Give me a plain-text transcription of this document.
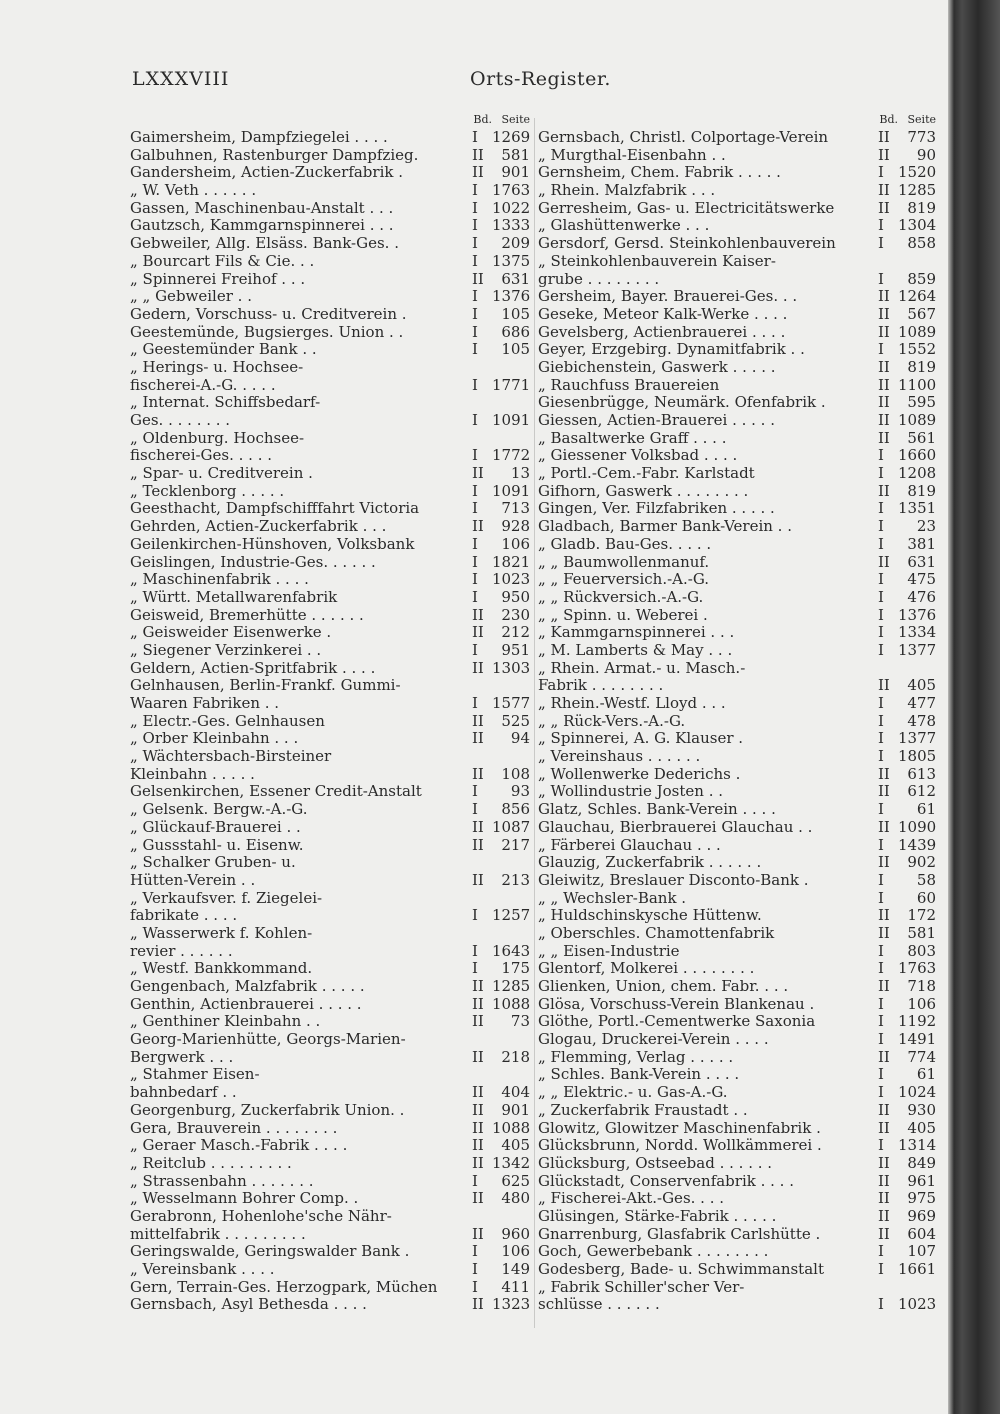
LXXXVIII	Orts-Register.
Bd. Seite
Gaimersheim, Dampfziegelei . . . .	I 1269
Galbuhnen, Rastenburger Dampfzieg.	II	581
Gandersheim, Actien-Zuckerfabrik .	II	901
„ W. Veth . . . . . .	I 1763
Gassen, Maschinenbau-Anstalt . . .	I 1022
Gautzsch, Kammgarnspinnerei . . .	I 1333
Gebweiler, Allg. Elsäss. Bank-Ges. .	I	209
„ Bourcart Fils & Cie. . .	I 1375
„ Spinnerei Freihof . . .	II	631
„ „ Gebweiler . .	I 1376
Gedern, Vorschuss- u. Creditverein .	I	105
Geestemünde, Bugsierges. Union . .	I	686
„ Geestemünder Bank . .	I	105
„ Herings- u. Hochsee-
fischerei-A.-G. . . . .	I 1771
„ Internat. Schiffsbedarf-
Ges. . . . . . . .	I 1091
„ Oldenburg. Hochsee-
fischerei-Ges. . . . .	I 1772
„ Spar- u. Creditverein .	II	13
„ Tecklenborg . . . . .	I 1091
Geesthacht, Dampfschifffahrt Victoria	I	713
Gehrden, Actien-Zuckerfabrik . . .	II	928
Geilenkirchen-Hünshoven, Volksbank	I	106
Geislingen, Industrie-Ges. . . . . .	I 1821
„ Maschinenfabrik . . . .	I 1023
„ Württ. Metallwarenfabrik	I	950
Geisweid, Bremerhütte . . . . . .	II	230
„ Geisweider Eisenwerke .	II	212
„ Siegener Verzinkerei . .	I	951
Geldern, Actien-Spritfabrik . . . .	II 1303
Gelnhausen, Berlin-Frankf. Gummi-
Waaren Fabriken . .	I 1577
„ Electr.-Ges. Gelnhausen	II	525
„ Orber Kleinbahn . . .	II	94
„ Wächtersbach-Birsteiner
Kleinbahn . . . . .	II	108
Gelsenkirchen, Essener Credit-Anstalt	I	93
„ Gelsenk. Bergw.-A.-G.	I	856
„ Glückauf-Brauerei . .	II 1087
„ Gussstahl- u. Eisenw.	II	217
„ Schalker Gruben- u.
Hütten-Verein . .	II	213
„ Verkaufsver. f. Ziegelei-
fabrikate . . . .	I 1257
„ Wasserwerk f. Kohlen-
revier . . . . . .	I 1643
„ Westf. Bankkommand.	I	175
Gengenbach, Malzfabrik . . . . .	II 1285
Genthin, Actienbrauerei . . . . .	II 1088
„ Genthiner Kleinbahn . .	II	73
Georg-Marienhütte, Georgs-Marien-
Bergwerk . . .	II	218
„ Stahmer Eisen-
bahnbedarf . .	II	404
Georgenburg, Zuckerfabrik Union. .	II	901
Gera, Brauverein . . . . . . . .	II 1088
„ Geraer Masch.-Fabrik . . . .	II	405
„ Reitclub . . . . . . . . .	II 1342
„ Strassenbahn . . . . . . .	I	625
„ Wesselmann Bohrer Comp. .	II	480
Gerabronn, Hohenlohe'sche Nähr-
mittelfabrik . . . . . . . . .	II	960
Geringswalde, Geringswalder Bank .	I	106
„ Vereinsbank . . . .	I	149
Gern, Terrain-Ges. Herzogpark, Müchen	I	411
Gernsbach, Asyl Bethesda . . . .	II 1323
Bd. Seite
Gernsbach, Christl. Colportage-Verein	II	773
„ Murgthal-Eisenbahn . .	II	90
Gernsheim, Chem. Fabrik . . . . .	I 1520
„ Rhein. Malzfabrik . . .	II 1285
Gerresheim, Gas- u. Electricitätswerke	II	819
„ Glashüttenwerke . . .	I 1304
Gersdorf, Gersd. Steinkohlenbauverein	I	858
„ Steinkohlenbauverein Kaiser-
grube . . . . . . . .	I	859
Gersheim, Bayer. Brauerei-Ges. . .	II 1264
Geseke, Meteor Kalk-Werke . . . .	II	567
Gevelsberg, Actienbrauerei . . . .	II 1089
Geyer, Erzgebirg. Dynamitfabrik . .	I 1552
Giebichenstein, Gaswerk . . . . .	II	819
„ Rauchfuss Brauereien	II 1100
Giesenbrügge, Neumärk. Ofenfabrik .	II	595
Giessen, Actien-Brauerei . . . . .	II 1089
„ Basaltwerke Graff . . . .	II	561
„ Giessener Volksbad . . . .	I 1660
„ Portl.-Cem.-Fabr. Karlstadt	I 1208
Gifhorn, Gaswerk . . . . . . . .	II	819
Gingen, Ver. Filzfabriken . . . . .	I 1351
Gladbach, Barmer Bank-Verein . .	I	23
„ Gladb. Bau-Ges. . . . .	I	381
„ „ Baumwollenmanuf.	II	631
„ „ Feuerversich.-A.-G.	I	475
„ „ Rückversich.-A.-G.	I	476
„ „ Spinn. u. Weberei .	I 1376
„ Kammgarnspinnerei . . .	I 1334
„ M. Lamberts & May . . .	I 1377
„ Rhein. Armat.- u. Masch.-
Fabrik . . . . . . . .	II	405
„ Rhein.-Westf. Lloyd . . .	I	477
„ „ Rück-Vers.-A.-G.	I	478
„ Spinnerei, A. G. Klauser .	I 1377
„ Vereinshaus . . . . . .	I 1805
„ Wollenwerke Dederichs .	II	613
„ Wollindustrie Josten . .	II	612
Glatz, Schles. Bank-Verein . . . .	I	61
Glauchau, Bierbrauerei Glauchau . .	II 1090
„ Färberei Glauchau . . .	I 1439
Glauzig, Zuckerfabrik . . . . . .	II	902
Gleiwitz, Breslauer Disconto-Bank .	I	58
„ „ Wechsler-Bank .	I	60
„ Huldschinskysche Hüttenw.	II	172
„ Oberschles. Chamottenfabrik	II	581
„ „ Eisen-Industrie	I	803
Glentorf, Molkerei . . . . . . . .	I 1763
Glienken, Union, chem. Fabr. . . .	II	718
Glösa, Vorschuss-Verein Blankenau .	I	106
Glöthe, Portl.-Cementwerke Saxonia	I 1192
Glogau, Druckerei-Verein . . . .	I 1491
„ Flemming, Verlag . . . . .	II	774
„ Schles. Bank-Verein . . . .	I	61
„ „ Elektric.- u. Gas-A.-G.	I 1024
„ Zuckerfabrik Fraustadt . .	II	930
Glowitz, Glowitzer Maschinenfabrik .	II	405
Glücksbrunn, Nordd. Wollkämmerei .	I 1314
Glücksburg, Ostseebad . . . . . .	II	849
Glückstadt, Conservenfabrik . . . .	II	961
„ Fischerei-Akt.-Ges. . . .	II	975
Glüsingen, Stärke-Fabrik . . . . .	II	969
Gnarrenburg, Glasfabrik Carlshütte .	II	604
Goch, Gewerbebank . . . . . . . .	I	107
Godesberg, Bade- u. Schwimmanstalt	I 1661
„ Fabrik Schiller'scher Ver-
schlüsse . . . . . .	I 1023
